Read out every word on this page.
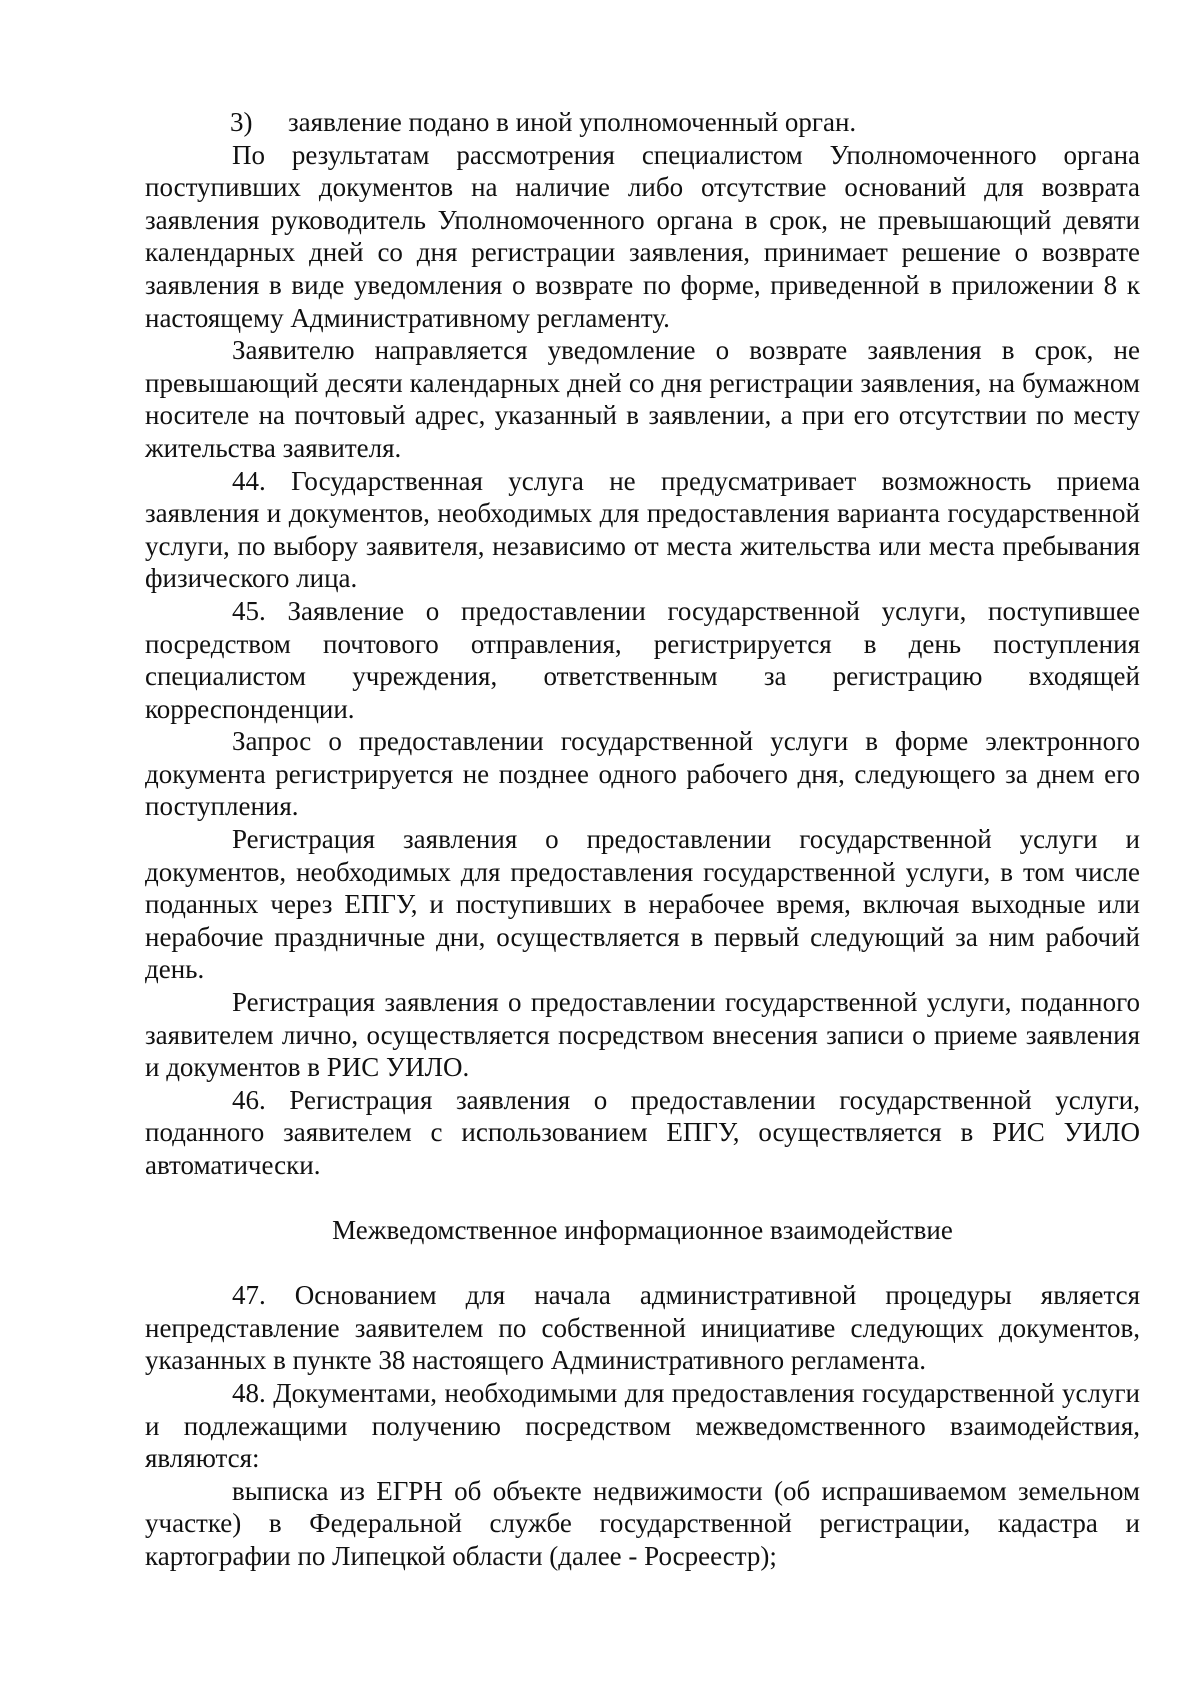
3) заявление подано в иной уполномоченный орган.

По результатам рассмотрения специалистом Уполномоченного органа поступивших документов на наличие либо отсутствие оснований для возврата заявления руководитель Уполномоченного органа в срок, не превышающий девяти календарных дней со дня регистрации заявления, принимает решение о возврате заявления в виде уведомления о возврате по форме, приведенной в приложении 8 к настоящему Административному регламенту.

Заявителю направляется уведомление о возврате заявления в срок, не превышающий десяти календарных дней со дня регистрации заявления, на бумажном носителе на почтовый адрес, указанный в заявлении, а при его отсутствии по месту жительства заявителя.

44. Государственная услуга не предусматривает возможность приема заявления и документов, необходимых для предоставления варианта государственной услуги, по выбору заявителя, независимо от места жительства или места пребывания физического лица.

45. Заявление о предоставлении государственной услуги, поступившее посредством почтового отправления, регистрируется в день поступления специалистом учреждения, ответственным за регистрацию входящей корреспонденции.

Запрос о предоставлении государственной услуги в форме электронного документа регистрируется не позднее одного рабочего дня, следующего за днем его поступления.

Регистрация заявления о предоставлении государственной услуги и документов, необходимых для предоставления государственной услуги, в том числе поданных через ЕПГУ, и поступивших в нерабочее время, включая выходные или нерабочие праздничные дни, осуществляется в первый следующий за ним рабочий день.

Регистрация заявления о предоставлении государственной услуги, поданного заявителем лично, осуществляется посредством внесения записи о приеме заявления и документов в РИС УИЛО.

46. Регистрация заявления о предоставлении государственной услуги, поданного заявителем с использованием ЕПГУ, осуществляется в РИС УИЛО автоматически.

Межведомственное информационное взаимодействие

47. Основанием для начала административной процедуры является непредставление заявителем по собственной инициативе следующих документов, указанных в пункте 38 настоящего Административного регламента.

48. Документами, необходимыми для предоставления государственной услуги и подлежащими получению посредством межведомственного взаимодействия, являются:

выписка из ЕГРН об объекте недвижимости (об испрашиваемом земельном участке) в Федеральной службе государственной регистрации, кадастра и картографии по Липецкой области (далее - Росреестр);
